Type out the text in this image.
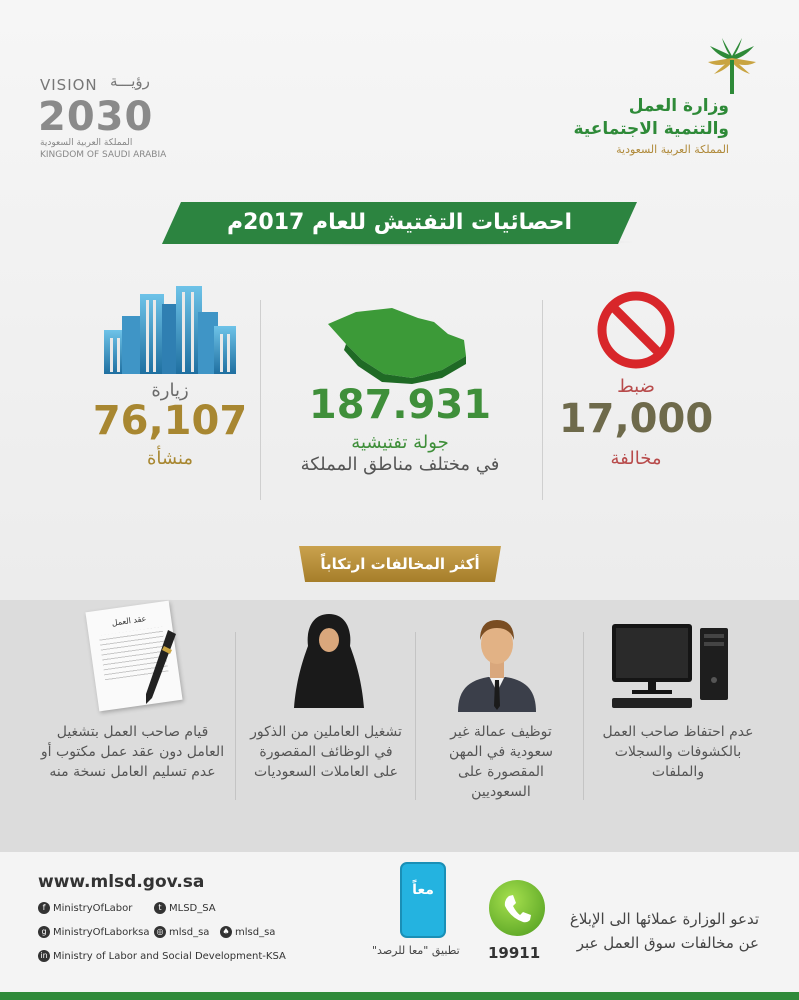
VISION رؤيـــة
2030
المملكة العربية السعودية
KINGDOM OF SAUDI ARABIA
وزارة العمل
والتنمية الاجتماعية
المملكة العربية السعودية
احصائيات التفتيش للعام 2017م
زيارة
76,107
منشأة
187.931
جولة تفتيشية
في مختلف مناطق المملكة
ضبط
17,000
مخالفة
أكثر المخالفات ارتكاباً
عقد العمل
قيام صاحب العمل بتشغيل العامل دون عقد عمل مكتوب أو عدم تسليم العامل نسخة منه
تشغيل العاملين من الذكور في الوظائف المقصورة على العاملات السعوديات
توظيف عمالة غير سعودية في المهن المقصورة على السعوديين
عدم احتفاظ صاحب العمل بالكشوفات والسجلات والملفات
www.mlsd.gov.sa
f MinistryOfLabor	t MLSD_SA
g MinistryOfLaborksa ◎ mlsd_sa	♠ mlsd_sa
in Ministry of Labor and Social Development-KSA
معاً
تطبيق "معا للرصد" 19911
تدعو الوزارة عملائها الى الإبلاغ
عن مخالفات سوق العمل عبر
